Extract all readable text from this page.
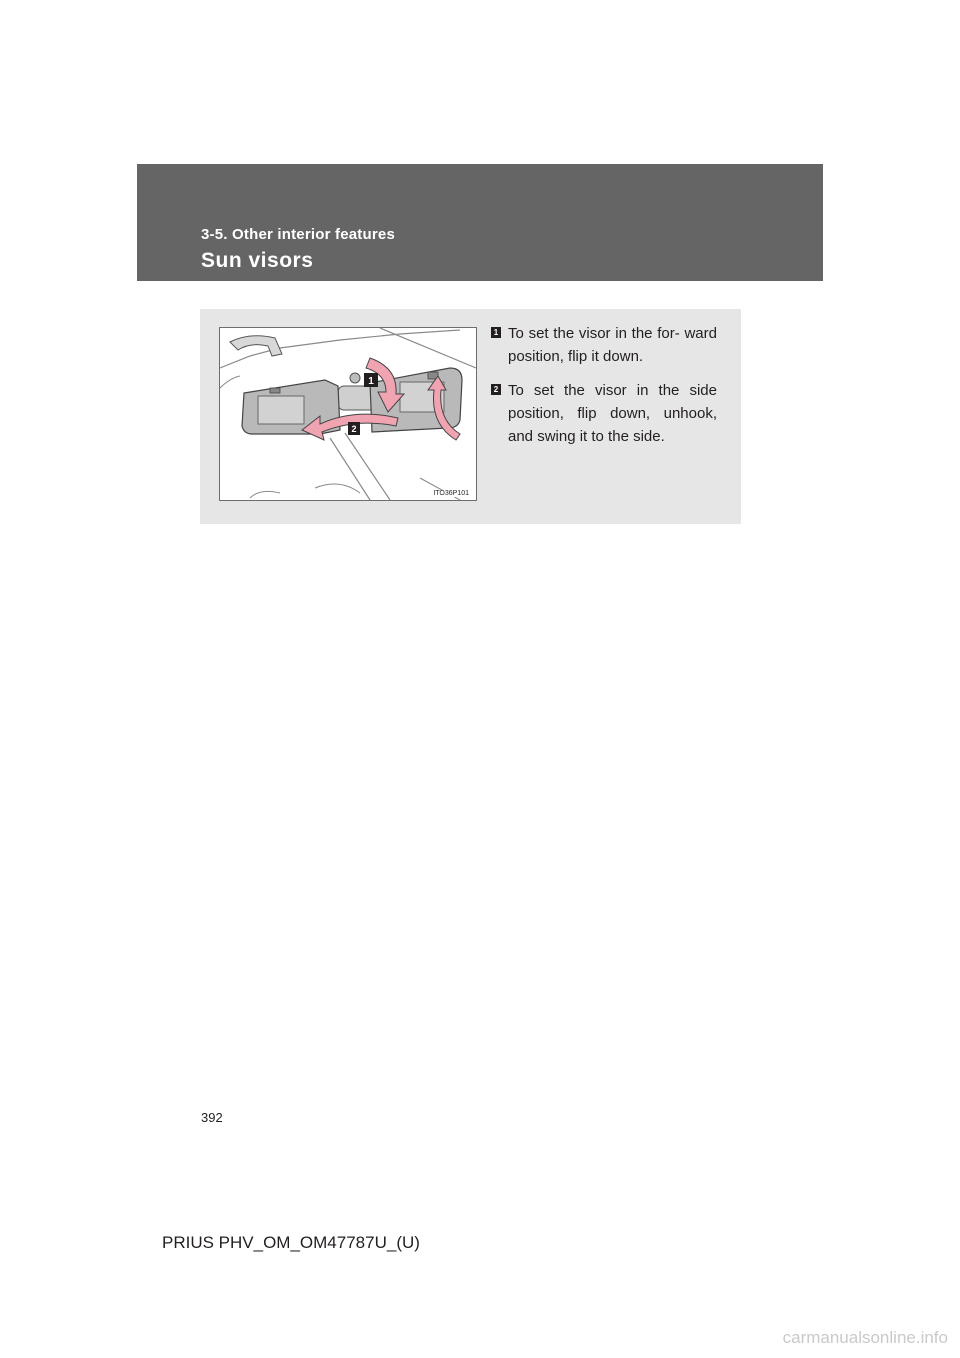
3-5. Other interior features
Sun visors
1
2
ITO36P101
1 To set the visor in the for- ward position, flip it down.
2 To set the visor in the side position, flip down, unhook, and swing it to the side.
392
PRIUS PHV_OM_OM47787U_(U)
carmanualsonline.info
